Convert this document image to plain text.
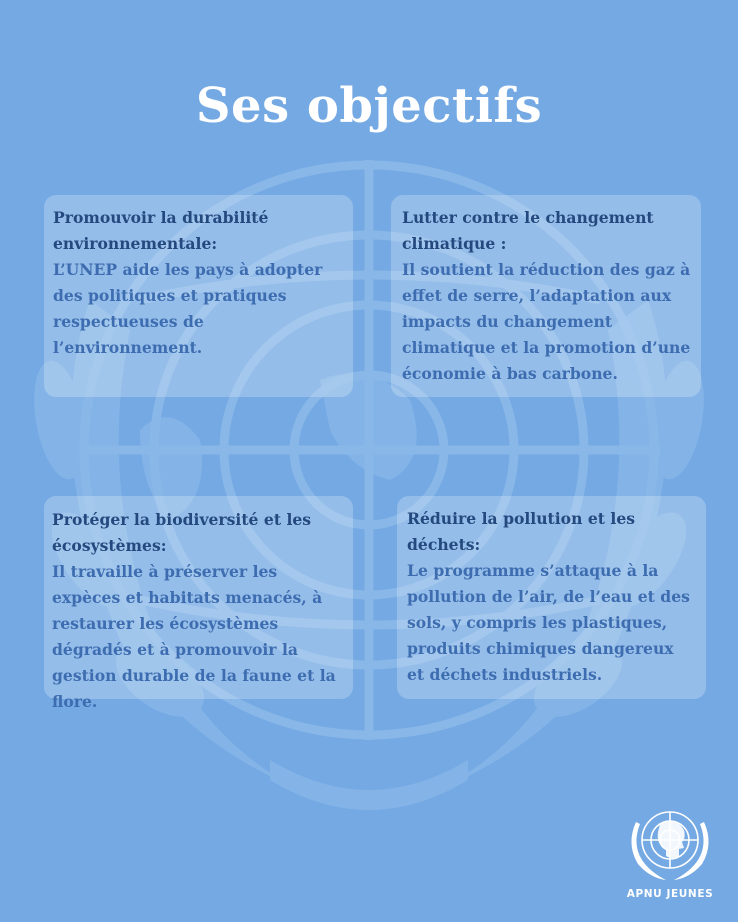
Ses objectifs
Promouvoir la durabilité environnementale:
L’UNEP aide les pays à adopter des politiques et pratiques respectueuses de l’environnement.
Lutter contre le changement climatique :
Il soutient la réduction des gaz à effet de serre, l’adaptation aux impacts du changement climatique et la promotion d’une économie à bas carbone.
Protéger la biodiversité et les écosystèmes:
Il travaille à préserver les expèces et habitats menacés, à restaurer les écosystèmes dégradés et à promouvoir la gestion durable de la faune et la flore.
Réduire la pollution et les déchets:
Le programme s’attaque à la pollution de l’air, de l’eau et des sols, y compris les plastiques, produits chimiques dangereux et déchets industriels.
APNU JEUNES
